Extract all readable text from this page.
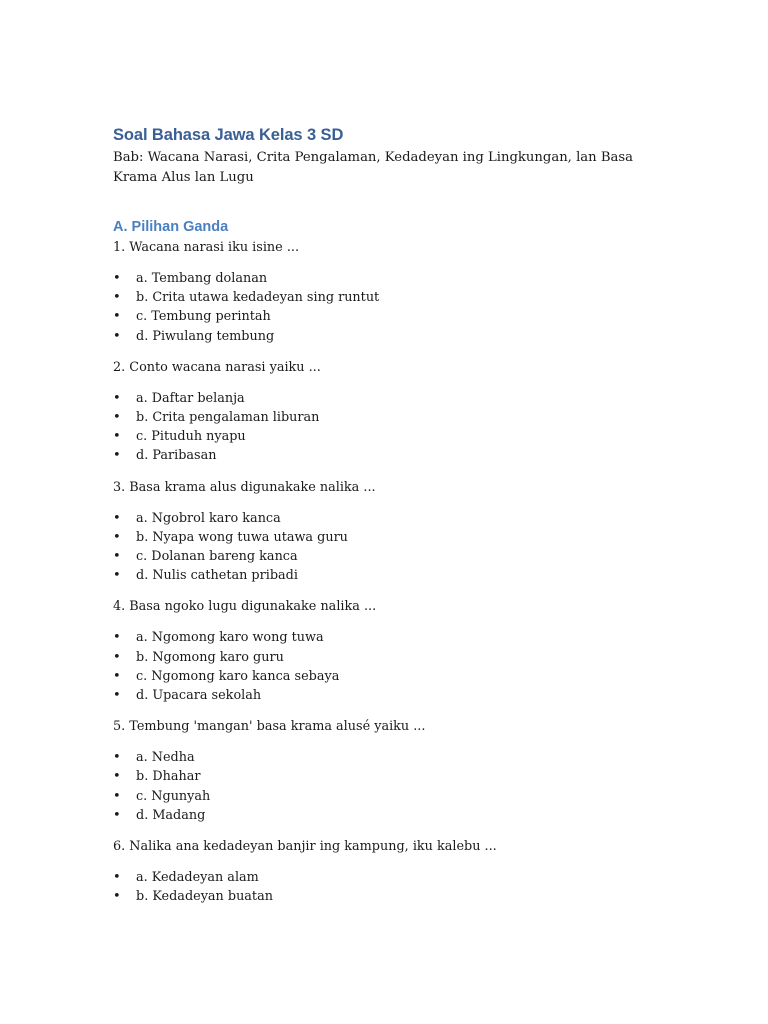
Soal Bahasa Jawa Kelas 3 SD

Bab: Wacana Narasi, Crita Pengalaman, Kedadeyan ing Lingkungan, lan Basa Krama Alus lan Lugu

A. Pilihan Ganda

1. Wacana narasi iku isine ...

• a. Tembang dolanan
• b. Crita utawa kedadeyan sing runtut
• c. Tembung perintah
• d. Piwulang tembung

2. Conto wacana narasi yaiku ...

• a. Daftar belanja
• b. Crita pengalaman liburan
• c. Pituduh nyapu
• d. Paribasan

3. Basa krama alus digunakake nalika ...

• a. Ngobrol karo kanca
• b. Nyapa wong tuwa utawa guru
• c. Dolanan bareng kanca
• d. Nulis cathetan pribadi

4. Basa ngoko lugu digunakake nalika ...

• a. Ngomong karo wong tuwa
• b. Ngomong karo guru
• c. Ngomong karo kanca sebaya
• d. Upacara sekolah

5. Tembung 'mangan' basa krama alusé yaiku ...

• a. Nedha
• b. Dhahar
• c. Ngunyah
• d. Madang

6. Nalika ana kedadeyan banjir ing kampung, iku kalebu ...

• a. Kedadeyan alam
• b. Kedadeyan buatan
